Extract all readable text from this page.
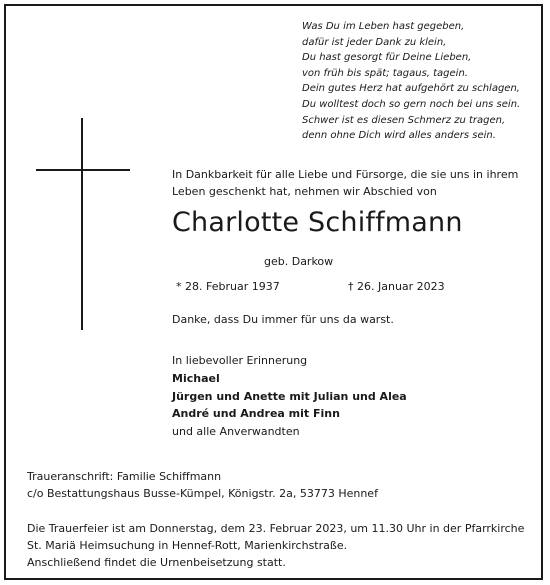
Was Du im Leben hast gegeben,
dafür ist jeder Dank zu klein,
Du hast gesorgt für Deine Lieben,
von früh bis spät; tagaus, tagein.
Dein gutes Herz hat aufgehört zu schlagen,
Du wolltest doch so gern noch bei uns sein.
Schwer ist es diesen Schmerz zu tragen,
denn ohne Dich wird alles anders sein.
In Dankbarkeit für alle Liebe und Fürsorge, die sie uns in ihrem
Leben geschenkt hat, nehmen wir Abschied von
Charlotte Schiffmann
geb. Darkow
* 28. Februar 1937	† 26. Januar 2023
Danke, dass Du immer für uns da warst.
In liebevoller Erinnerung
Michael
Jürgen und Anette mit Julian und Alea
André und Andrea mit Finn
und alle Anverwandten
Traueranschrift: Familie Schiffmann
c/o Bestattungshaus Busse-Kümpel, Königstr. 2a, 53773 Hennef
Die Trauerfeier ist am Donnerstag, dem 23. Februar 2023, um 11.30 Uhr in der Pfarrkirche
St. Mariä Heimsuchung in Hennef-Rott, Marienkirchstraße.
Anschließend findet die Urnenbeisetzung statt.
